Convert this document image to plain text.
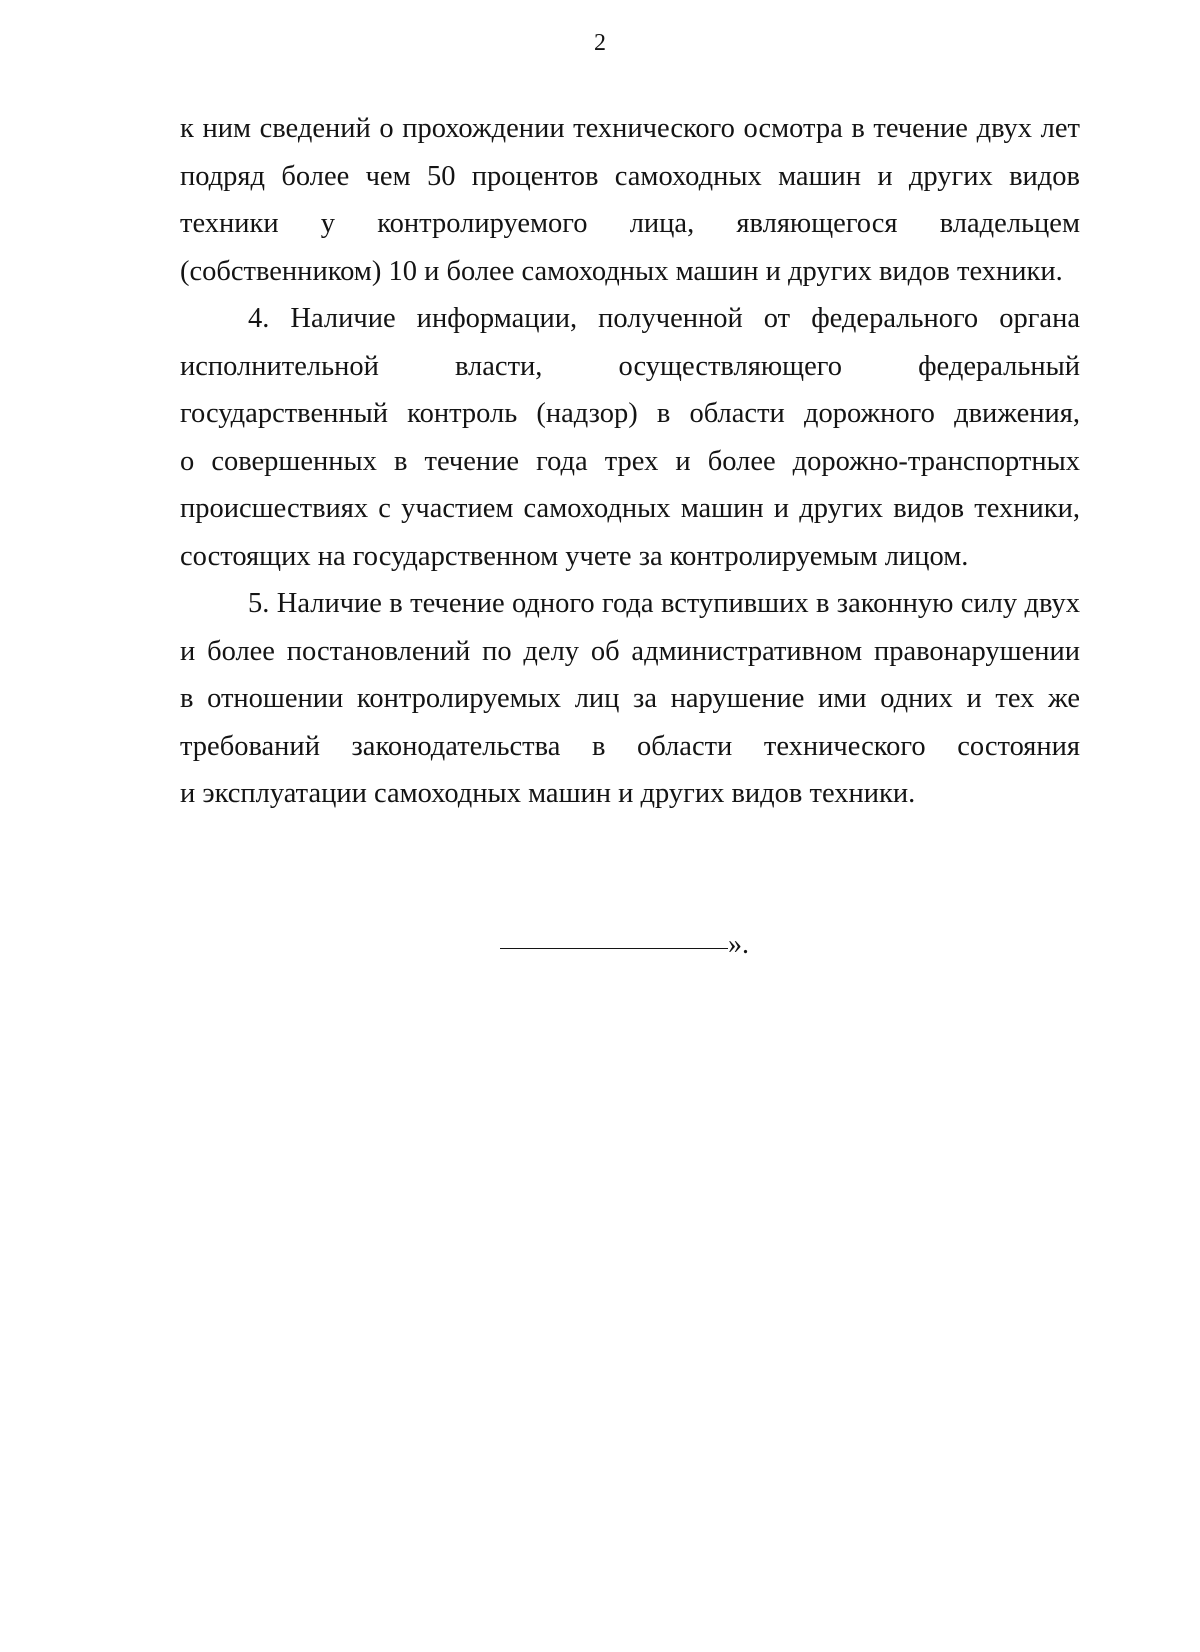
2

к ним сведений о прохождении технического осмотра в течение двух лет
подряд более чем 50 процентов самоходных машин и других видов
техники у контролируемого лица, являющегося владельцем
(собственником) 10 и более самоходных машин и других видов техники.

4. Наличие информации, полученной от федерального органа
исполнительной власти, осуществляющего федеральный
государственный контроль (надзор) в области дорожного движения,
о совершенных в течение года трех и более дорожно-транспортных
происшествиях с участием самоходных машин и других видов техники,
состоящих на государственном учете за контролируемым лицом.

5. Наличие в течение одного года вступивших в законную силу двух
и более постановлений по делу об административном правонарушении
в отношении контролируемых лиц за нарушение ими одних и тех же
требований законодательства в области технического состояния
и эксплуатации самоходных машин и других видов техники.

».
